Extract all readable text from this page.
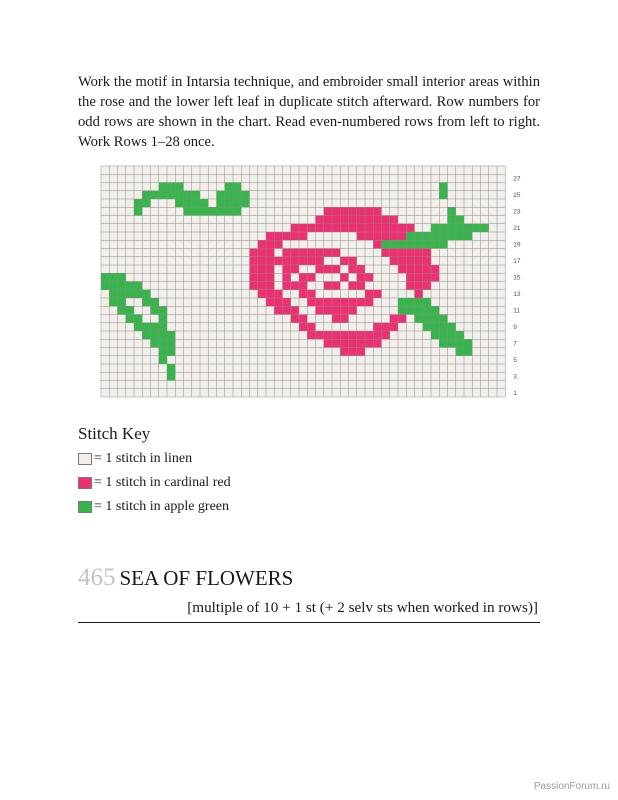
Work the motif in Intarsia technique, and embroider small interior areas within the rose and the lower left leaf in duplicate stitch afterward. Row numbers for odd rows are shown in the chart. Read even-numbered rows from left to right. Work Rows 1–28 once.

27
25
23
21
19
17
15
13
11
9
7
5
3
1
Stitch Key
= 1 stitch in linen
= 1 stitch in cardinal red
= 1 stitch in apple green
465 SEA OF FLOWERS
[multiple of 10 + 1 st (+ 2 selv sts when worked in rows)]
PassionForum.ru
